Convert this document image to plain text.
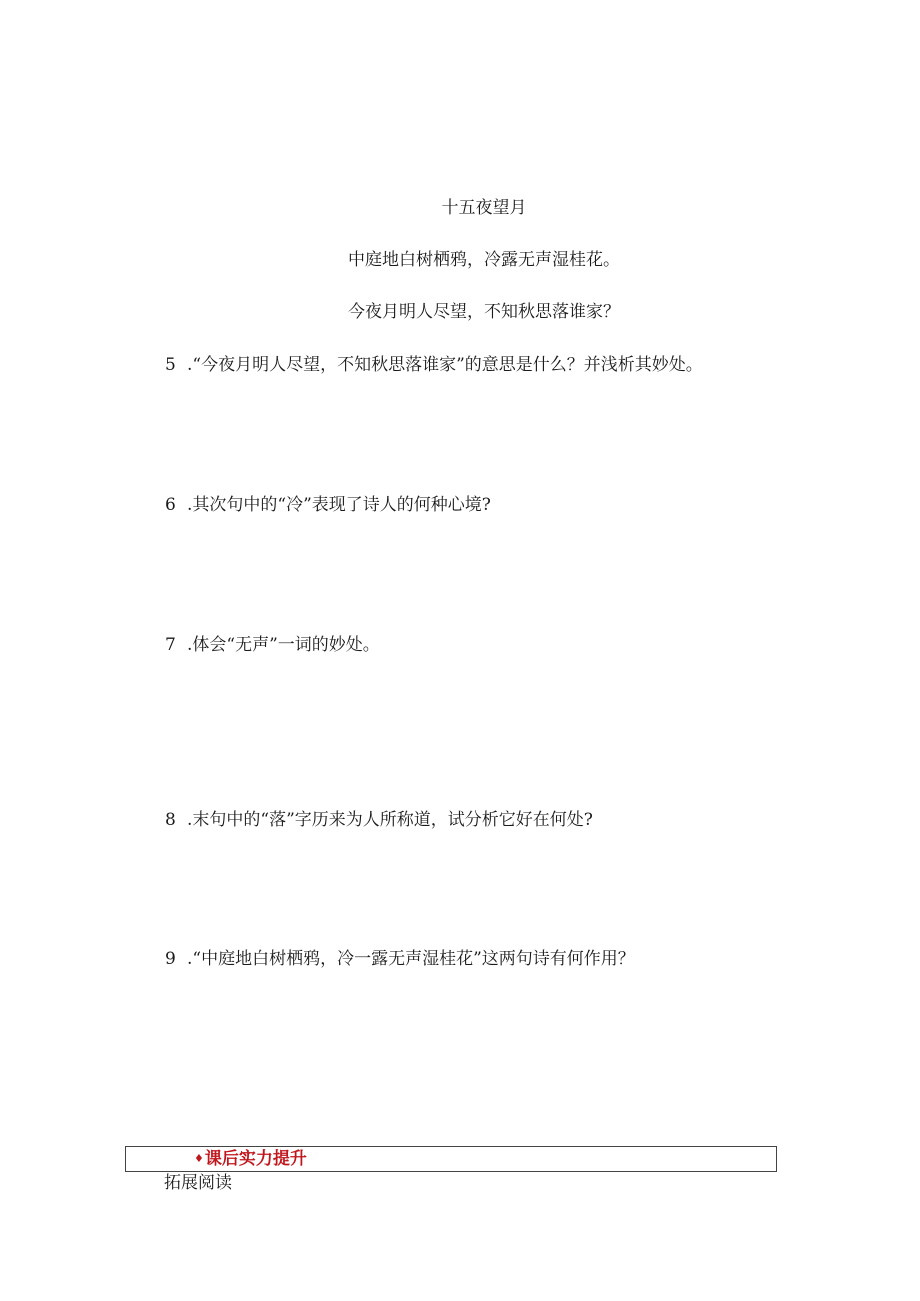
十五夜望月
中庭地白树栖鸦，冷露无声湿桂花。
今夜月明人尽望，不知秋思落谁家？
5 .“今夜月明人尽望，不知秋思落谁家”的意思是什么？并浅析其妙处。
6 .其次句中的“冷”表现了诗人的何种心境?
7 .体会“无声”一词的妙处。
8 .末句中的“落”字历来为人所称道，试分析它好在何处?
9 .“中庭地白树栖鸦，冷一露无声湿桂花”这两句诗有何作用？
♦课后实力提升
拓展阅读
